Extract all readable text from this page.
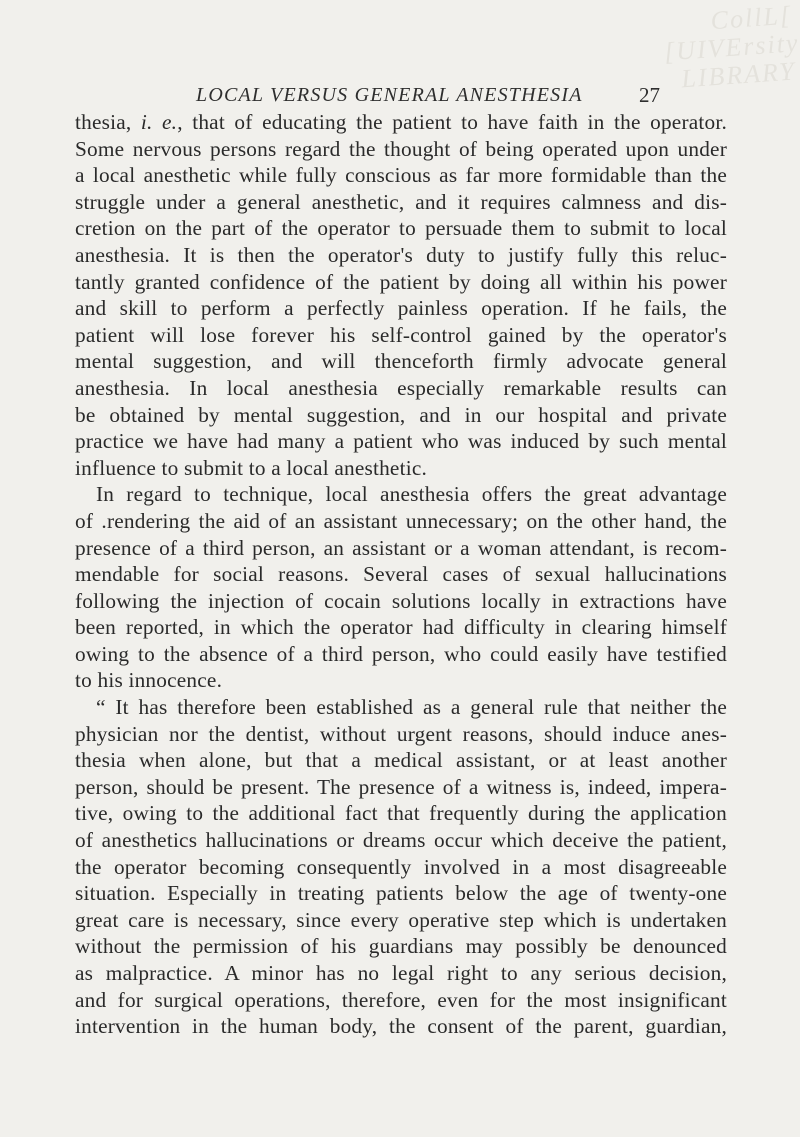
CollL[
[UIVErsity
LIBRARY
LOCAL VERSUS GENERAL ANESTHESIA	27
thesia, i. e., that of educating the patient to have faith in the operator.
Some nervous persons regard the thought of being operated upon under
a local anesthetic while fully conscious as far more formidable than the
struggle under a general anesthetic, and it requires calmness and dis-
cretion on the part of the operator to persuade them to submit to local
anesthesia. It is then the operator's duty to justify fully this reluc-
tantly granted confidence of the patient by doing all within his power
and skill to perform a perfectly painless operation. If he fails, the
patient will lose forever his self-control gained by the operator's
mental suggestion, and will thenceforth firmly advocate general
anesthesia. In local anesthesia especially remarkable results can
be obtained by mental suggestion, and in our hospital and private
practice we have had many a patient who was induced by such mental
influence to submit to a local anesthetic.
In regard to technique, local anesthesia offers the great advantage
of .rendering the aid of an assistant unnecessary; on the other hand, the
presence of a third person, an assistant or a woman attendant, is recom-
mendable for social reasons. Several cases of sexual hallucinations
following the injection of cocain solutions locally in extractions have
been reported, in which the operator had difficulty in clearing himself
owing to the absence of a third person, who could easily have testified
to his innocence.
“ It has therefore been established as a general rule that neither the
physician nor the dentist, without urgent reasons, should induce anes-
thesia when alone, but that a medical assistant, or at least another
person, should be present. The presence of a witness is, indeed, impera-
tive, owing to the additional fact that frequently during the application
of anesthetics hallucinations or dreams occur which deceive the patient,
the operator becoming consequently involved in a most disagreeable
situation. Especially in treating patients below the age of twenty-one
great care is necessary, since every operative step which is undertaken
without the permission of his guardians may possibly be denounced
as malpractice. A minor has no legal right to any serious decision,
and for surgical operations, therefore, even for the most insignificant
intervention in the human body, the consent of the parent, guardian,
